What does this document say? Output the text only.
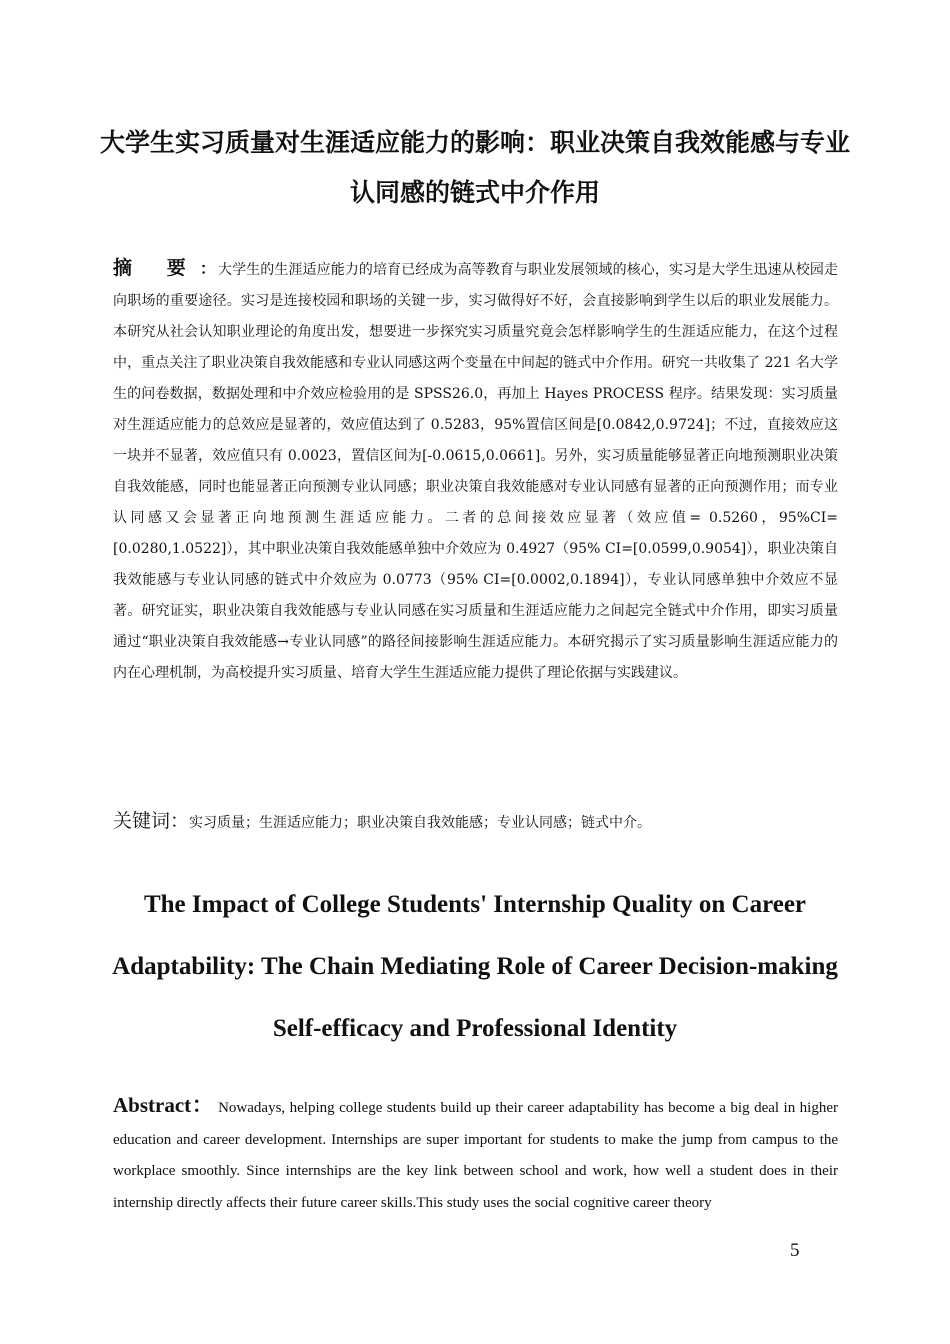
大学生实习质量对生涯适应能力的影响：职业决策自我效能感与专业认同感的链式中介作用

摘 要： 大学生的生涯适应能力的培育已经成为高等教育与职业发展领域的核心，实习是大学生迅速从校园走向职场的重要途径。实习是连接校园和职场的关键一步，实习做得好不好，会直接影响到学生以后的职业发展能力。本研究从社会认知职业理论的角度出发，想要进一步探究实习质量究竟会怎样影响学生的生涯适应能力，在这个过程中，重点关注了职业决策自我效能感和专业认同感这两个变量在中间起的链式中介作用。研究一共收集了 221 名大学生的问卷数据，数据处理和中介效应检验用的是 SPSS26.0，再加上 Hayes PROCESS 程序。结果发现：实习质量对生涯适应能力的总效应是显著的，效应值达到了 0.5283，95%置信区间是[0.0842,0.9724]；不过，直接效应这一块并不显著，效应值只有 0.0023，置信区间为[-0.0615,0.0661]。另外，实习质量能够显著正向地预测职业决策自我效能感，同时也能显著正向预测专业认同感；职业决策自我效能感对专业认同感有显著的正向预测作用；而专业认同感又会显著正向地预测生涯适应能力。二者的总间接效应显著（效应值= 0.5260，95%CI=[0.0280,1.0522]），其中职业决策自我效能感单独中介效应为 0.4927（95% CI=[0.0599,0.9054]），职业决策自我效能感与专业认同感的链式中介效应为 0.0773（95% CI=[0.0002,0.1894]），专业认同感单独中介效应不显著。研究证实，职业决策自我效能感与专业认同感在实习质量和生涯适应能力之间起完全链式中介作用，即实习质量通过“职业决策自我效能感→专业认同感”的路径间接影响生涯适应能力。本研究揭示了实习质量影响生涯适应能力的内在心理机制，为高校提升实习质量、培育大学生生涯适应能力提供了理论依据与实践建议。

关键词：实习质量；生涯适应能力；职业决策自我效能感；专业认同感；链式中介。

The Impact of College Students' Internship Quality on Career Adaptability: The Chain Mediating Role of Career Decision-making Self-efficacy and Professional Identity

Abstract： Nowadays, helping college students build up their career adaptability has become a big deal in higher education and career development. Internships are super important for students to make the jump from campus to the workplace smoothly. Since internships are the key link between school and work, how well a student does in their internship directly affects their future career skills.This study uses the social cognitive career theory

5
